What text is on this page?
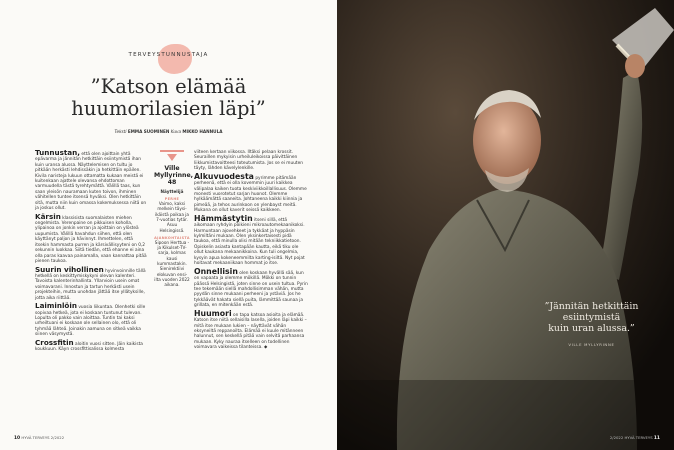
TERVEYSTUNNUSTAJA
”Katson elämää
huumorilasien läpi”
Teksti EMMA SUOMINEN Kuva MIKKO HANNULA

Tunnustan, että olen ajoittain yhtä epävarma ja jännitän hetkittäin esiintymistä ihan kuin uransa alussa. Näyttelemisen on tultu jo pitkään herkästi lehdissäkin ja hetkittäin epäilen. Kivila naristeja lukuun ottamatta kukaan meistä ei kuitenkaan ajattele olevansa ehdottoman varmuudella tästä tyrehtymättä. Välillä taas, kun saan yleisön nauramaan kuten toivon, ihminen vähitellen tuntee itsensä hyväksi. Olen hetkittäin sitä, mutta niin kuin omassa kokemuksessa niitä on ja joskus ollut.

Kärsin klassisista suomalaisten miehen ongelmista. Verenpaine on pikkuisen koholla, ylipainoa on jonkin verran ja ajoittain on ylösteä uupumista. Välillä havahdun siihen, että olen käyttänyt paljon ja hävinnyt. Ihmettelen, että itsekin hammasta purren ja kärsivällisyyteni on 0,2 sekunnin luokkaa. Siitä tiedän, että ehanne ei aina olla paras kaavaa painamalla, vaan kannattaa pitää pienen taukoa.

Suurin vihollinen hyvinvoinnille tällä hetkellä on keskittymiskykyni olevan kalenteri. Tavoista kalenterinhallinta. Yllarvioin usein omat voimavarani. Innostun ja tartun herkästi usein projekteihin, mutta unohdan jättää itse yllätyksille, jotta aika riittää.

Laiminlöin vuosia liikuntaa. Olenhetki sille sopivaa hetkeä, jota ei koskaan tuntunut tulevan. Lopulta oli pakko vain aloittaa. Tuntin tai kaksi urheiltuani ei koskaan ole sellainen olo, että oli tyhmää lähteä. Joinakin aamuna on sitkeä vaikka siinen väsymystä.

Crossfitin aloitin vuosi sitten. Jäin kaikista koukkuun. Käyn crossfittisalissa kolmesta

Ville Myllyrinne, 48
Näyttelijä
PERHE
Vaimo, kaksi melkein täysi-ikäistä poikaa ja 7-vuotias tytär. Asuu Helsingissä.
AJANKOHTAISTA
Sipoon Herttua -ja Kikulset-TV-sarja, kolmas kausi kummastakin. Sienirektiivi elokuvan ensi-ilta vuoden 2022 aikana.

viiteen kertaan viikossa. Iltäksi pelaan krossit. Seuraillen mykyisin urheiluleikoissa päivittäinen liikkumistavoitteesi toteutumista. Jos se ei muuten täyty, lähden kävelylenkille.

Alkuvuodesta pyrimme pitämään perheenä, että ei olla kovemmin juuri kaikkea välipalaa kaiken tuota keskiviikkoillallisuus. Olemme monesti vuorotetut sarjan huonot. Olemme hylkäämättä saaneita. Johtaneena kaikki kiinnia ja pimeää, ja tehos aurinkoon on ylenbayst meitä. Mukana on ollut kaverit seissä kaikkeen.

Hämmästytin itseni sillä, että aikomaan ryhdyin poikieni mikroautomekaanikoksi. Harmuntaan ajovehkeet ja tykkäat ja hyppäsin kylmiltäni mukaan. Olen yksinkertaisesti pidä taukoa, että minulla olisi mitään tekniikkatietoon. Opiskelin asiasta kantapään kautta, eikä tiku ole ollut kaukana mekaanikkoina. Kun tuli ongelmia, kysyin apua kokeneemmilta karting-isiltä. Nyt pojat hoitavat mekaaniikaan hommat jo itse.

Onnellisin olen koskaan hyvällä sää, kun on vapaata ja olemme mökillä. Mökki on tunnin päässä Helsingistä, joten sinne on usein tultua. Pyrin tee tekemään siellä mahdollisimman vähän, mutta pyydän sinne mukaani perheeni ja ystäviä. Jos he tykkäävät hakata siellä puita, lämmittää saunaa ja grillata, en mitenkään estä.

Huumori on tapa katsoa asioita ja elämää. Katson itse niitä sellaisilla lasella, joiden läpi kaikki – mitä itse mukaan lukien – näyttävät vähän eksyneiltä reppanoilta. Elämää ei kuule mitänneen halunnut, sen keskellä pitää vain selvitä parhaansa mukaan. Kyky nauraa itselleen on todellinen voimavara vaikeissa tilanteissa. ◆

10 HYVÄ TERVEYS 2/2022
”Jännitän hetkittäin
esiintymistä
kuin uran alussa.”
VILLE MYLLYRINNE
2/2022 HYVÄ TERVEYS 11
